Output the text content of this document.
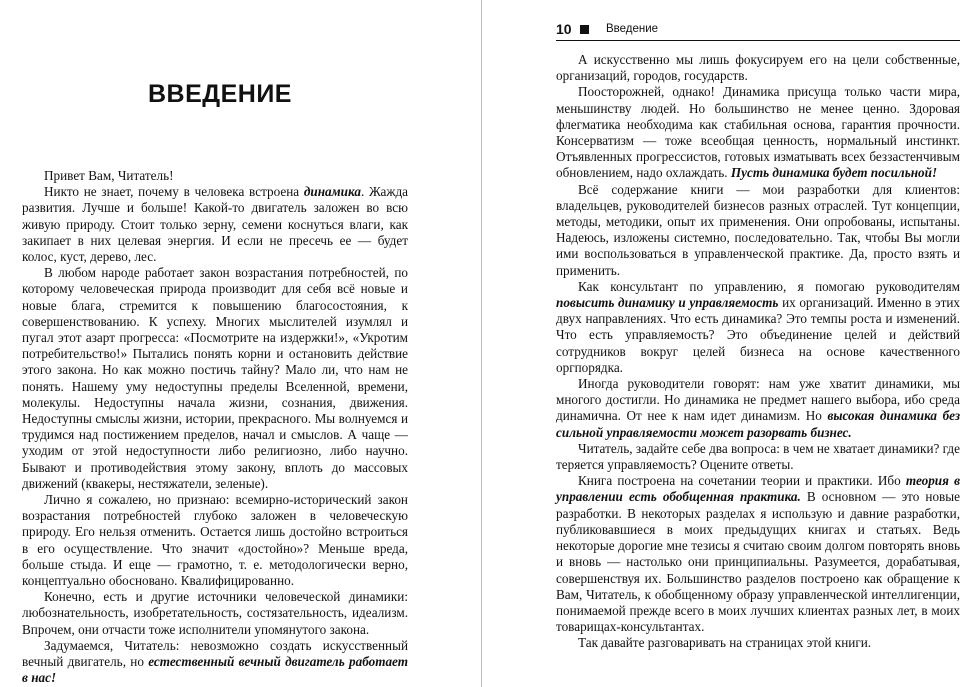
ВВЕДЕНИЕ

Привет Вам, Читатель!

Никто не знает, почему в человека встроена динамика. Жажда развития. Лучше и больше! Какой-то двигатель заложен во всю живую природу. Стоит только зерну, семени коснуться влаги, как закипает в них целевая энергия. И если не пресечь ее — будет колос, куст, дерево, лес.

В любом народе работает закон возрастания потребностей, по которому человеческая природа производит для себя всё новые и новые блага, стремится к повышению благосостояния, к совершенствованию. К успеху. Многих мыслителей изумлял и пугал этот азарт прогресса: «Посмотрите на издержки!», «Укротим потребительство!» Пытались понять корни и остановить действие этого закона. Но как можно постичь тайну? Мало ли, что нам не понять. Нашему уму недоступны пределы Вселенной, времени, молекулы. Недоступны начала жизни, сознания, движения. Недоступны смыслы жизни, истории, прекрасного. Мы волнуемся и трудимся над постижением пределов, начал и смыслов. А чаще — уходим от этой недоступности либо религиозно, либо научно. Бывают и противодействия этому закону, вплоть до массовых движений (квакеры, нестяжатели, зеленые).

Лично я сожалею, но признаю: всемирно-исторический закон возрастания потребностей глубоко заложен в человеческую природу. Его нельзя отменить. Остается лишь достойно встроиться в его осуществление. Что значит «достойно»? Меньше вреда, больше стыда. И еще — грамотно, т. е. методологически верно, концептуально обосновано. Квалифицированно.

Конечно, есть и другие источники человеческой динамики: любознательность, изобретательность, состязательность, идеализм. Впрочем, они отчасти тоже исполнители упомянутого закона.

Задумаемся, Читатель: невозможно создать искусственный вечный двигатель, но естественный вечный двигатель работает в нас!

10	Введение

А искусственно мы лишь фокусируем его на цели собственные, организаций, городов, государств.

Поосторожней, однако! Динамика присуща только части мира, меньшинству людей. Но большинство не менее ценно. Здоровая флегматика необходима как стабильная основа, гарантия прочности. Консерватизм — тоже всеобщая ценность, нормальный инстинкт. Отъявленных прогрессистов, готовых изматывать всех беззастенчивым обновлением, надо охлаждать. Пусть динамика будет посильной!

Всё содержание книги — мои разработки для клиентов: владельцев, руководителей бизнесов разных отраслей. Тут концепции, методы, методики, опыт их применения. Они опробованы, испытаны. Надеюсь, изложены системно, последовательно. Так, чтобы Вы могли ими воспользоваться в управленческой практике. Да, просто взять и применить.

Как консультант по управлению, я помогаю руководителям повысить динамику и управляемость их организаций. Именно в этих двух направлениях. Что есть динамика? Это темпы роста и изменений. Что есть управляемость? Это объединение целей и действий сотрудников вокруг целей бизнеса на основе качественного оргпорядка.

Иногда руководители говорят: нам уже хватит динамики, мы многого достигли. Но динамика не предмет нашего выбора, ибо среда динамична. От нее к нам идет динамизм. Но высокая динамика без сильной управляемости может разорвать бизнес.

Читатель, задайте себе два вопроса: в чем не хватает динамики? где теряется управляемость? Оцените ответы.

Книга построена на сочетании теории и практики. Ибо теория в управлении есть обобщенная практика. В основном — это новые разработки. В некоторых разделах я использую и давние разработки, публиковавшиеся в моих предыдущих книгах и статьях. Ведь некоторые дорогие мне тезисы я считаю своим долгом повторять вновь и вновь — настолько они принципиальны. Разумеется, дорабатывая, совершенствуя их. Большинство разделов построено как обращение к Вам, Читатель, к обобщенному образу управленческой интеллигенции, понимаемой прежде всего в моих лучших клиентах разных лет, в моих товарищах-консультантах.

Так давайте разговаривать на страницах этой книги.
